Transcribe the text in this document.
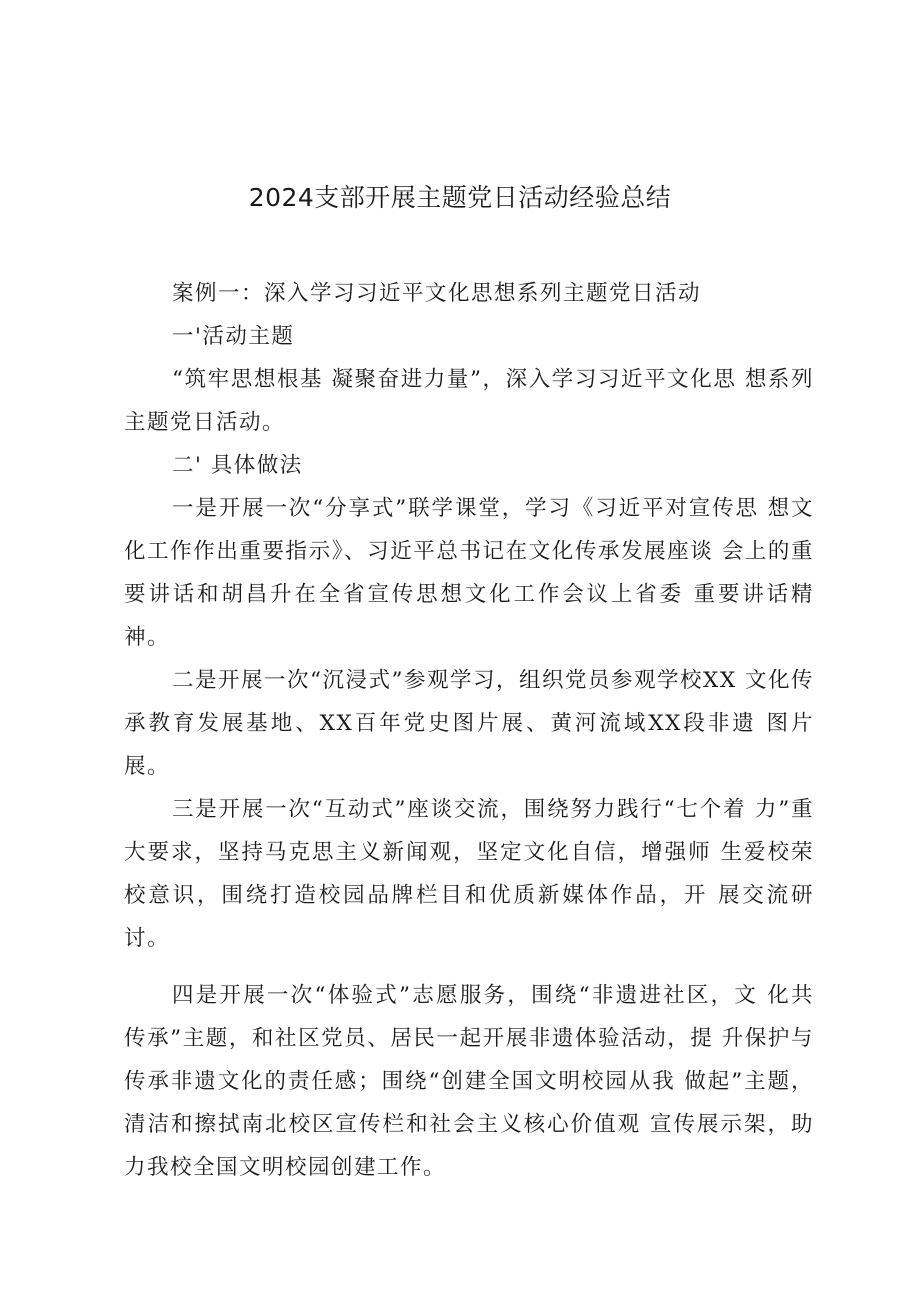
2024支部开展主题党日活动经验总结

案例一：深入学习习近平文化思想系列主题党日活动

一'活动主题

“筑牢思想根基 凝聚奋进力量”，深入学习习近平文化思 想系列主题党日活动。

二' 具体做法

一是开展一次“分享式”联学课堂，学习《习近平对宣传思 想文化工作作出重要指示》、习近平总书记在文化传承发展座谈 会上的重要讲话和胡昌升在全省宣传思想文化工作会议上省委 重要讲话精神。

二是开展一次“沉浸式”参观学习，组织党员参观学校XX 文化传承教育发展基地、XX百年党史图片展、黄河流域XX段非遗 图片展。

三是开展一次“互动式”座谈交流，围绕努力践行“七个着 力”重大要求，坚持马克思主义新闻观，坚定文化自信，增强师 生爱校荣校意识，围绕打造校园品牌栏目和优质新媒体作品，开 展交流研讨。

四是开展一次“体验式”志愿服务，围绕“非遗进社区，文 化共传承”主题，和社区党员、居民一起开展非遗体验活动，提 升保护与传承非遗文化的责任感；围绕“创建全国文明校园从我 做起”主题，清洁和擦拭南北校区宣传栏和社会主义核心价值观 宣传展示架，助力我校全国文明校园创建工作。
